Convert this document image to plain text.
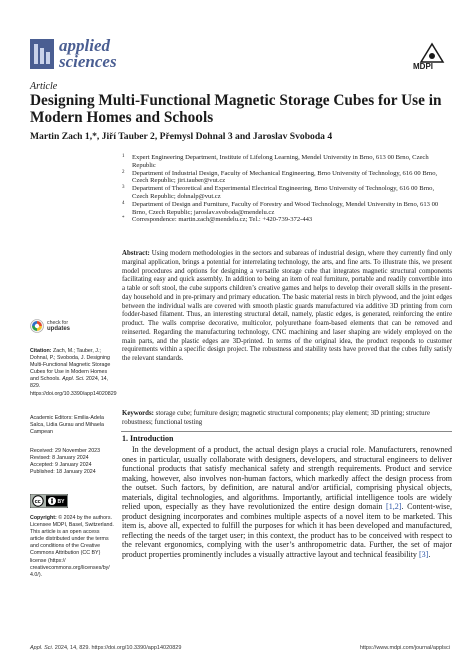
applied
sciences	MDPI
Article
Designing Multi-Functional Magnetic Storage Cubes for Use in Modern Homes and Schools
Martin Zach 1,*, Jiří Tauber 2, Přemysl Dohnal 3 and Jaroslav Svoboda 4
1	Expert Engineering Department, Institute of Lifelong Learning, Mendel University in Brno, 613 00 Brno, Czech Republic
2	Department of Industrial Design, Faculty of Mechanical Engineering, Brno University of Technology, 616 00 Brno, Czech Republic; jiri.tauber@vut.cz
3	Department of Theoretical and Experimental Electrical Engineering, Brno University of Technology, 616 00 Brno, Czech Republic; dohnalp@vut.cz
4	Department of Design and Furniture, Faculty of Forestry and Wood Technology, Mendel University in Brno, 613 00 Brno, Czech Republic; jaroslav.svoboda@mendelu.cz
*	Correspondence: martin.zach@mendelu.cz; Tel.: +420-739-372-443
Abstract: Using modern methodologies in the sectors and subareas of industrial design, where they currently find only marginal application, brings a potential for interrelating technology, the arts, and fine arts. To illustrate this, we present model procedures and options for designing a versatile storage cube that integrates magnetic structural components facilitating easy and quick assembly. In addition to being an item of real furniture, portable and readily convertible into a table or soft stool, the cube supports children’s creative games and helps to develop their overall skills in the present-day household and in pre-primary and primary education. The basic material rests in birch plywood, and the joint edges between the individual walls are covered with smooth plastic guards manufactured via additive 3D printing from corn fodder-based filament. Thus, an interesting structural detail, namely, plastic edges, is generated, reinforcing the entire product. The walls comprise decorative, multicolor, polyurethane foam-based elements that can be removed and reinserted. Regarding the manufacturing technology, CNC machining and laser shaping are widely employed on the main parts, and the plastic edges are 3D-printed. In terms of the original idea, the product responds to customer requirements within a specific design project. The robustness and stability tests have proved that the cubes fully satisfy the relevant standards.
Keywords: storage cube; furniture design; magnetic structural components; play element; 3D printing; structure robustness; functional testing
check for
updates
Citation: Zach, M.; Tauber, J.; Dohnal, P.; Svoboda, J. Designing Multi-Functional Magnetic Storage Cubes for Use in Modern Homes and Schools. Appl. Sci. 2024, 14, 829. https://doi.org/10.3390/app14020829
Academic Editors: Emilia-Adela Salca, Lidia Gurau and Mihaela Campean
Received: 29 November 2023
Revised: 8 January 2024
Accepted: 9 January 2024
Published: 18 January 2024
cc	BY
Copyright: © 2024 by the authors. Licensee MDPI, Basel, Switzerland. This article is an open access article distributed under the terms and conditions of the Creative Commons Attribution (CC BY) license (https:// creativecommons.org/licenses/by/ 4.0/).
1. Introduction
In the development of a product, the actual design plays a crucial role. Manufacturers, renowned ones in particular, usually collaborate with designers, developers, and structural engineers to deliver functional products that satisfy mechanical safety and strength requirements. Product and service making, however, also involves non-human factors, which markedly affect the design process from the outset. Such factors, by definition, are natural and/or artificial, comprising physical objects, materials, digital technologies, and algorithms. Importantly, artificial intelligence tools are widely relied upon, especially as they have revolutionized the entire design domain [1,2]. Content-wise, product designing incorporates and combines multiple aspects of a novel item to be marketed. This item is, above all, expected to fulfill the purposes for which it has been developed and manufactured, reflecting the needs of the target user; in this context, the product has to be conceived with respect to the relevant ergonomics, complying with the user’s anthropometric data. Further, the set of major product properties prominently includes a visually attractive layout and technical feasibility [3].
Appl. Sci. 2024, 14, 829. https://doi.org/10.3390/app14020829	https://www.mdpi.com/journal/applsci
